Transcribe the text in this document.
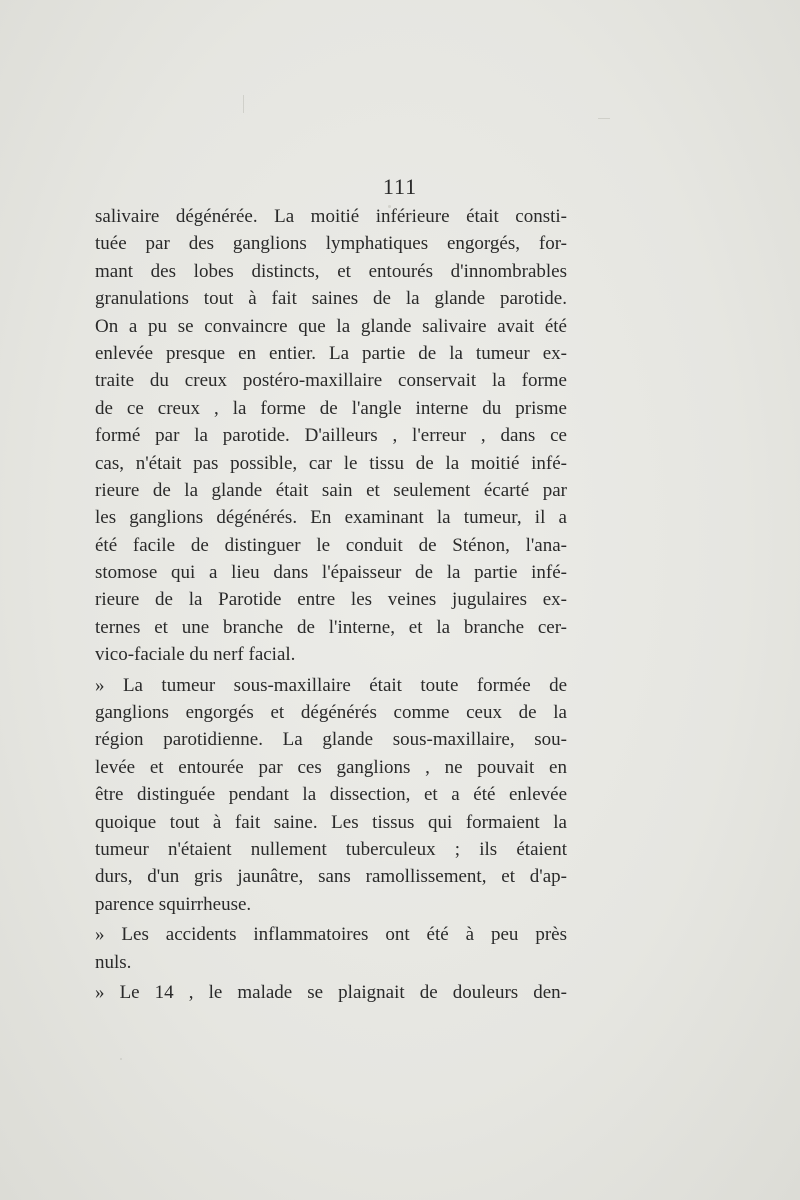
111
salivaire dégénérée. La moitié inférieure était consti-
tuée par des ganglions lymphatiques engorgés, for-
mant des lobes distincts, et entourés d'innombrables
granulations tout à fait saines de la glande parotide.
On a pu se convaincre que la glande salivaire avait été
enlevée presque en entier. La partie de la tumeur ex-
traite du creux postéro-maxillaire conservait la forme
de ce creux , la forme de l'angle interne du prisme
formé par la parotide. D'ailleurs , l'erreur , dans ce
cas, n'était pas possible, car le tissu de la moitié infé-
rieure de la glande était sain et seulement écarté par
les ganglions dégénérés. En examinant la tumeur, il a
été facile de distinguer le conduit de Sténon, l'ana-
stomose qui a lieu dans l'épaisseur de la partie infé-
rieure de la Parotide entre les veines jugulaires ex-
ternes et une branche de l'interne, et la branche cer-
vico-faciale du nerf facial.
» La tumeur sous-maxillaire était toute formée de
ganglions engorgés et dégénérés comme ceux de la
région parotidienne. La glande sous-maxillaire, sou-
levée et entourée par ces ganglions , ne pouvait en
être distinguée pendant la dissection, et a été enlevée
quoique tout à fait saine. Les tissus qui formaient la
tumeur n'étaient nullement tuberculeux ; ils étaient
durs, d'un gris jaunâtre, sans ramollissement, et d'ap-
parence squirrheuse.
» Les accidents inflammatoires ont été à peu près
nuls.
» Le 14 , le malade se plaignait de douleurs den-
